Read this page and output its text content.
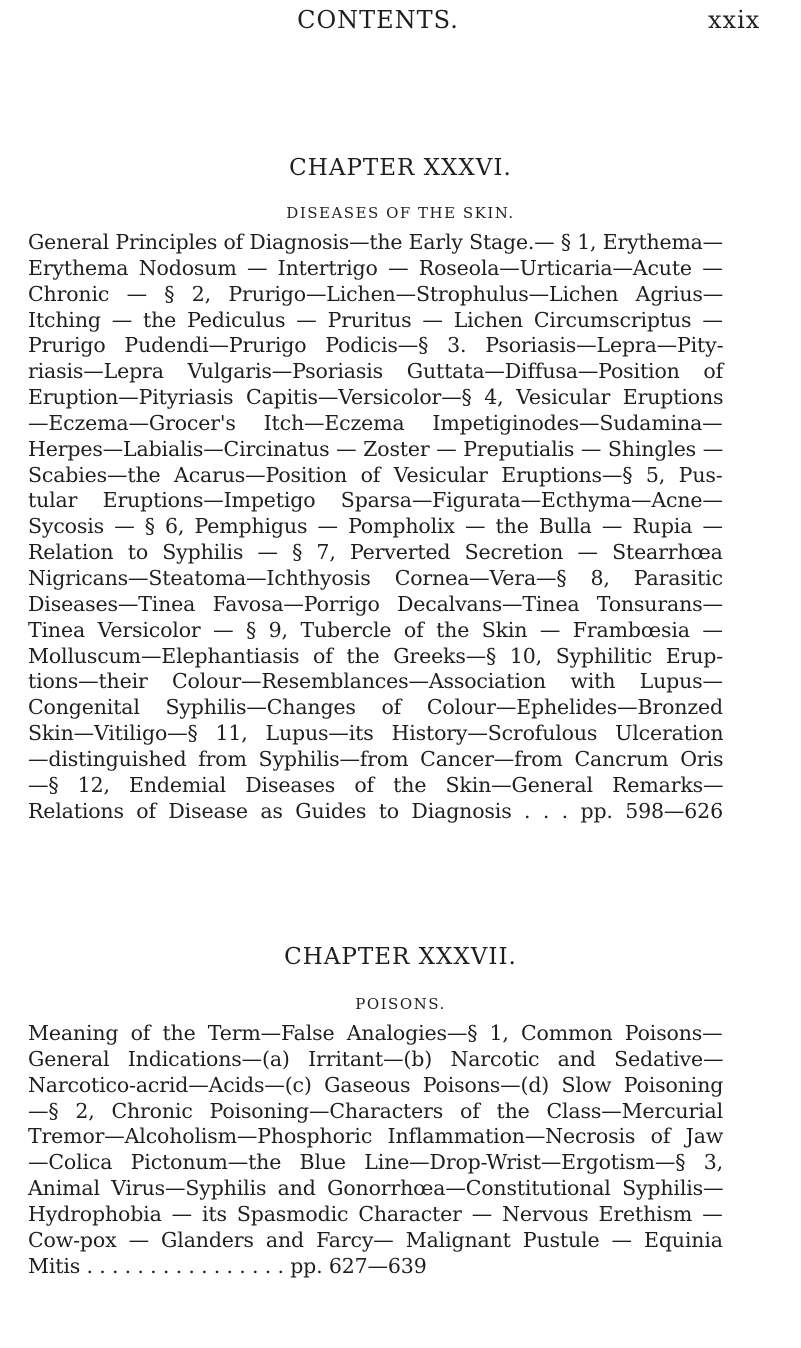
CONTENTS.	xxix
CHAPTER XXXVI.
DISEASES OF THE SKIN.
General Principles of Diagnosis—the Early Stage.— § 1, Erythema—
Erythema Nodosum — Intertrigo — Roseola—Urticaria—Acute —
Chronic — § 2, Prurigo—Lichen—Strophulus—Lichen Agrius—
Itching — the Pediculus — Pruritus — Lichen Circumscriptus —
Prurigo Pudendi—Prurigo Podicis—§ 3. Psoriasis—Lepra—Pity-
riasis—Lepra Vulgaris—Psoriasis Guttata—Diffusa—Position of
Eruption—Pityriasis Capitis—Versicolor—§ 4, Vesicular Eruptions
—Eczema—Grocer's Itch—Eczema Impetiginodes—Sudamina—
Herpes—Labialis—Circinatus — Zoster — Preputialis — Shingles —
Scabies—the Acarus—Position of Vesicular Eruptions—§ 5, Pus-
tular Eruptions—Impetigo Sparsa—Figurata—Ecthyma—Acne—
Sycosis — § 6, Pemphigus — Pompholix — the Bulla — Rupia —
Relation to Syphilis — § 7, Perverted Secretion — Stearrhœa
Nigricans—Steatoma—Ichthyosis Cornea—Vera—§ 8, Parasitic
Diseases—Tinea Favosa—Porrigo Decalvans—Tinea Tonsurans—
Tinea Versicolor — § 9, Tubercle of the Skin — Frambœsia —
Molluscum—Elephantiasis of the Greeks—§ 10, Syphilitic Erup-
tions—their Colour—Resemblances—Association with Lupus—
Congenital Syphilis—Changes of Colour—Ephelides—Bronzed
Skin—Vitiligo—§ 11, Lupus—its History—Scrofulous Ulceration
—distinguished from Syphilis—from Cancer—from Cancrum Oris
—§ 12, Endemial Diseases of the Skin—General Remarks—
Relations of Disease as Guides to Diagnosis . . . pp. 598—626
CHAPTER XXXVII.
POISONS.
Meaning of the Term—False Analogies—§ 1, Common Poisons—
General Indications—(a) Irritant—(b) Narcotic and Sedative—
Narcotico-acrid—Acids—(c) Gaseous Poisons—(d) Slow Poisoning
—§ 2, Chronic Poisoning—Characters of the Class—Mercurial
Tremor—Alcoholism—Phosphoric Inflammation—Necrosis of Jaw
—Colica Pictonum—the Blue Line—Drop-Wrist—Ergotism—§ 3,
Animal Virus—Syphilis and Gonorrhœa—Constitutional Syphilis—
Hydrophobia — its Spasmodic Character — Nervous Erethism —
Cow-pox — Glanders and Farcy— Malignant Pustule — Equinia
Mitis . . . . . . . . . . . . . . . . pp. 627—639
